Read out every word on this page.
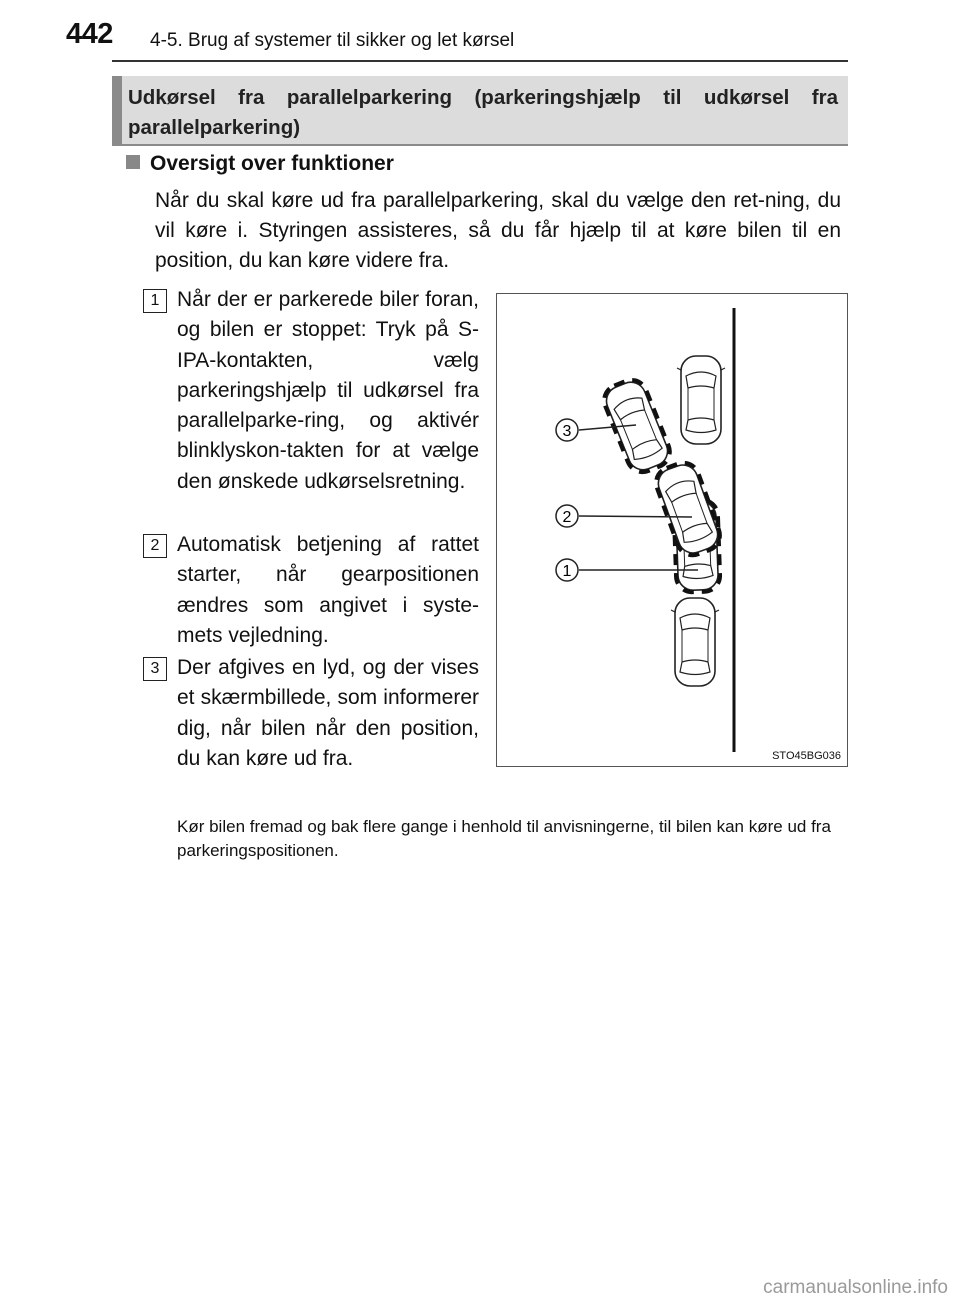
442 4-5. Brug af systemer til sikker og let kørsel
Udkørsel fra parallelparkering (parkeringshjælp til udkørsel fra parallelparkering)
Oversigt over funktioner
Når du skal køre ud fra parallelparkering, skal du vælge den ret-ning, du vil køre i. Styringen assisteres, så du får hjælp til at køre bilen til en position, du kan køre videre fra.
1 Når der er parkerede biler foran, og bilen er stoppet: Tryk på S-IPA-kontakten, vælg parkeringshjælp til udkørsel fra parallelparke-ring, og aktivér blinklyskon-takten for at vælge den ønskede udkørselsretning.
2 Automatisk betjening af rattet starter, når gearpositionen ændres som angivet i syste-mets vejledning.
3 Der afgives en lyd, og der vises et skærmbillede, som informerer dig, når bilen når den position, du kan køre ud fra.
3
2
1
STO45BG036
Kør bilen fremad og bak flere gange i henhold til anvisningerne, til bilen kan køre ud fra parkeringspositionen.
carmanualsonline.info
